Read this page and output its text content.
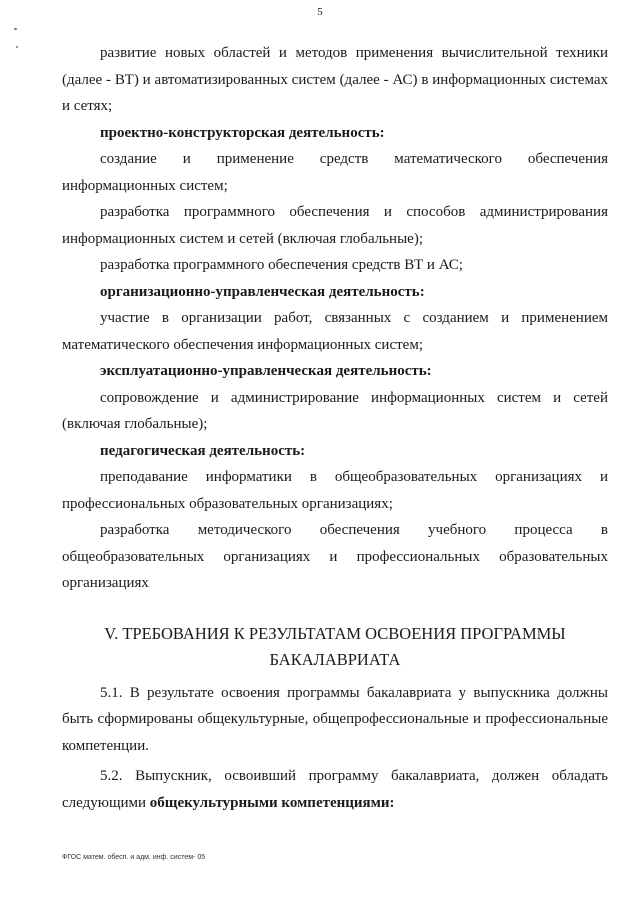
5

развитие новых областей и методов применения вычислительной техники (далее - ВТ) и автоматизированных систем (далее - АС) в информационных системах и сетях;

проектно-конструкторская деятельность:

создание и применение средств математического обеспечения информационных систем;

разработка программного обеспечения и способов администрирования информационных систем и сетей (включая глобальные);

разработка программного обеспечения средств ВТ и АС;

организационно-управленческая деятельность:

участие в организации работ, связанных с созданием и применением математического обеспечения информационных систем;

эксплуатационно-управленческая деятельность:

сопровождение и администрирование информационных систем и сетей (включая глобальные);

педагогическая деятельность:

преподавание информатики в общеобразовательных организациях и профессиональных образовательных организациях;

разработка методического обеспечения учебного процесса в общеобразовательных организациях и профессиональных образовательных организациях

V. ТРЕБОВАНИЯ К РЕЗУЛЬТАТАМ ОСВОЕНИЯ ПРОГРАММЫ
БАКАЛАВРИАТА

5.1. В результате освоения программы бакалавриата у выпускника должны быть сформированы общекультурные, общепрофессиональные и профессиональные компетенции.

5.2. Выпускник, освоивший программу бакалавриата, должен обладать следующими общекультурными компетенциями:

ФГОС матем. обесп. и адм. инф. систем- 05
